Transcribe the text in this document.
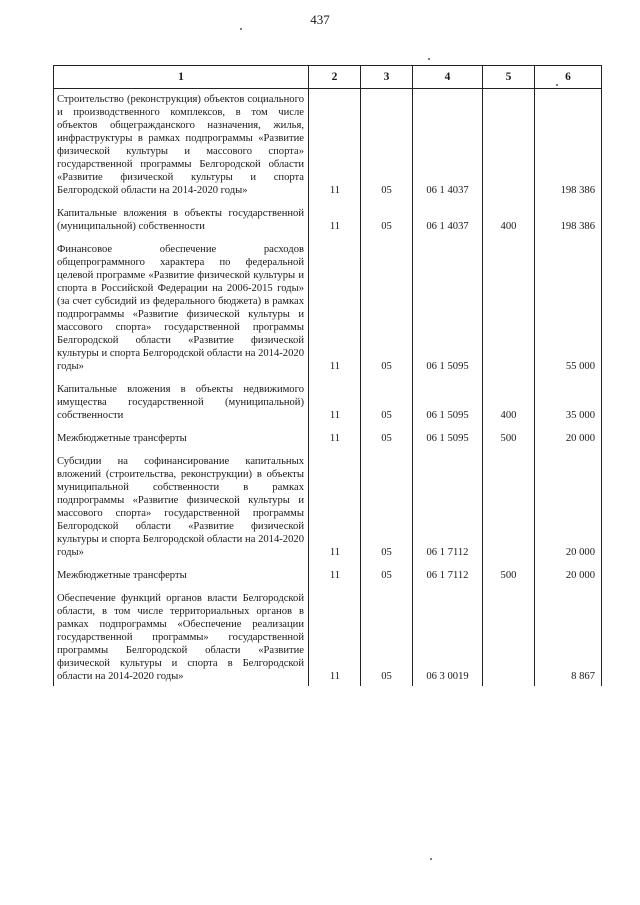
437
1	2	3	4	5	6
Строительство (реконструкция) объектов социального и производственного комплексов, в том числе объектов общегражданского назначения, жилья, инфраструктуры в рамках подпрограммы «Развитие физической культуры и массового спорта» государственной программы Белгородской области «Развитие физической культуры и спорта Белгородской области на 2014-2020 годы»	11	05	06 1 4037		198 386
Капитальные вложения в объекты государственной (муниципальной) собственности	11	05	06 1 4037	400	198 386
Финансовое обеспечение расходов общепрограммного характера по федеральной целевой программе «Развитие физической культуры и спорта в Российской Федерации на 2006-2015 годы» (за счет субсидий из федерального бюджета) в рамках подпрограммы «Развитие физической культуры и массового спорта» государственной программы Белгородской области «Развитие физической культуры и спорта Белгородской области на 2014-2020 годы»	11	05	06 1 5095		55 000
Капитальные вложения в объекты недвижимого имущества государственной (муниципальной) собственности	11	05	06 1 5095	400	35 000
Межбюджетные трансферты	11	05	06 1 5095	500	20 000
Субсидии на софинансирование капитальных вложений (строительства, реконструкции) в объекты муниципальной собственности в рамках подпрограммы «Развитие физической культуры и массового спорта» государственной программы Белгородской области «Развитие физической культуры и спорта Белгородской области на 2014-2020 годы»	11	05	06 1 7112		20 000
Межбюджетные трансферты	11	05	06 1 7112	500	20 000
Обеспечение функций органов власти Белгородской области, в том числе территориальных органов в рамках подпрограммы «Обеспечение реализации государственной программы» государственной программы Белгородской области «Развитие физической культуры и спорта в Белгородской области на 2014-2020 годы»	11	05	06 3 0019		8 867
